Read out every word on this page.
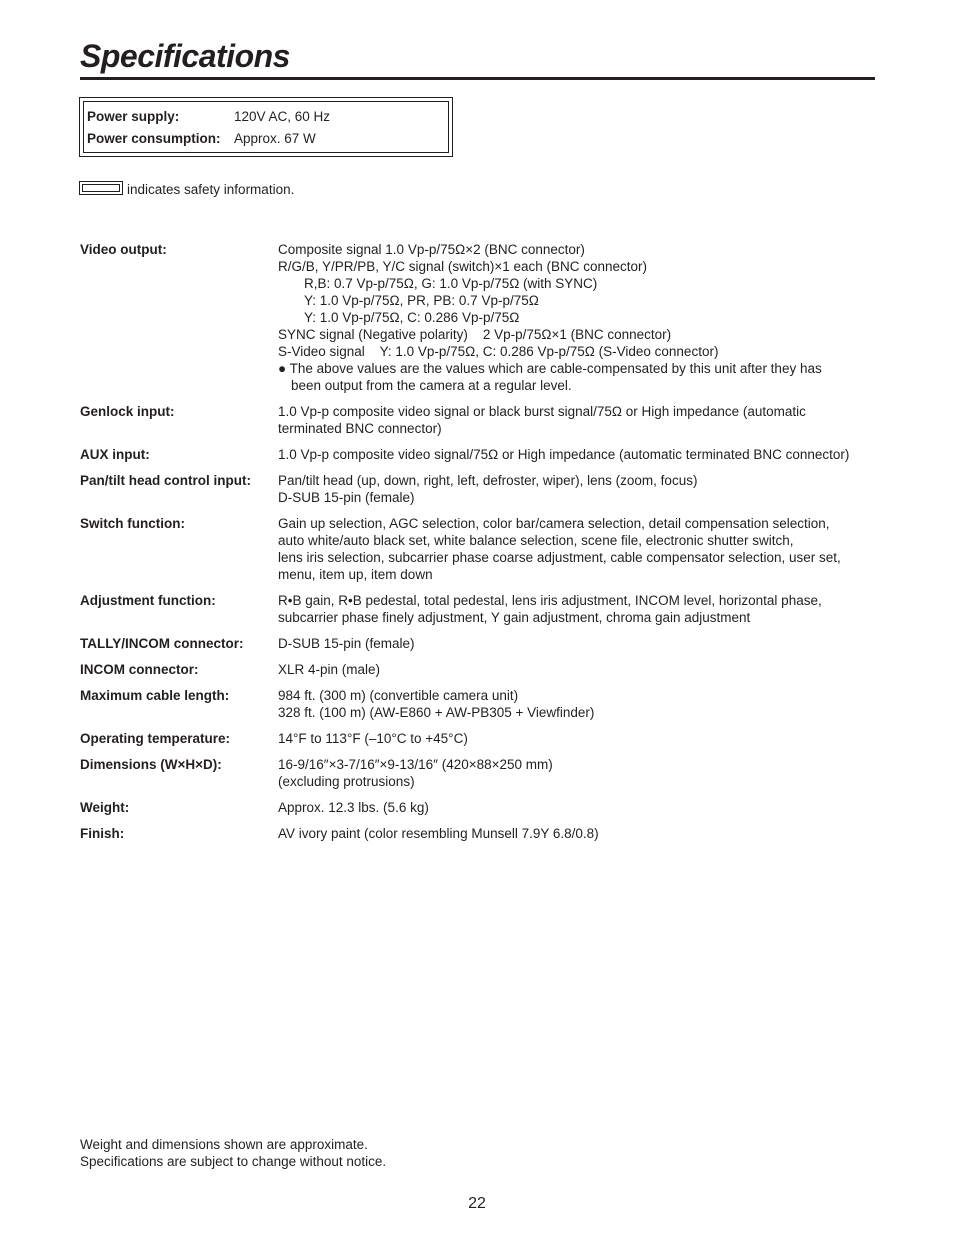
Specifications
Power supply:	120V AC, 60 Hz
Power consumption: Approx. 67 W
indicates safety information.
Video output:	Composite signal 1.0 Vp-p/75Ω×2 (BNC connector)
R/G/B, Y/PR/PB, Y/C signal (switch)×1 each (BNC connector)
R,B: 0.7 Vp-p/75Ω, G: 1.0 Vp-p/75Ω (with SYNC)
Y: 1.0 Vp-p/75Ω, PR, PB: 0.7 Vp-p/75Ω
Y: 1.0 Vp-p/75Ω, C: 0.286 Vp-p/75Ω
SYNC signal (Negative polarity)    2 Vp-p/75Ω×1 (BNC connector)
S-Video signal    Y: 1.0 Vp-p/75Ω, C: 0.286 Vp-p/75Ω (S-Video connector)
● The above values are the values which are cable-compensated by this unit after they has
been output from the camera at a regular level.
Genlock input:	1.0 Vp-p composite video signal or black burst signal/75Ω or High impedance (automatic
terminated BNC connector)
AUX input:	1.0 Vp-p composite video signal/75Ω or High impedance (automatic terminated BNC connector)
Pan/tilt head control input:	Pan/tilt head (up, down, right, left, defroster, wiper), lens (zoom, focus)
D-SUB 15-pin (female)
Switch function:	Gain up selection, AGC selection, color bar/camera selection, detail compensation selection,
auto white/auto black set, white balance selection, scene file, electronic shutter switch,
lens iris selection, subcarrier phase coarse adjustment, cable compensator selection, user set,
menu, item up, item down
Adjustment function:	R•B gain, R•B pedestal, total pedestal, lens iris adjustment, INCOM level, horizontal phase,
subcarrier phase finely adjustment, Y gain adjustment, chroma gain adjustment
TALLY/INCOM connector:	D-SUB 15-pin (female)
INCOM connector:	XLR 4-pin (male)
Maximum cable length:	984 ft. (300 m) (convertible camera unit)
328 ft. (100 m) (AW-E860 + AW-PB305 + Viewfinder)
Operating temperature:	14°F to 113°F (–10°C to +45°C)
Dimensions (W×H×D):	16-9/16″×3-7/16″×9-13/16″ (420×88×250 mm)
(excluding protrusions)
Weight:	Approx. 12.3 lbs. (5.6 kg)
Finish:	AV ivory paint (color resembling Munsell 7.9Y 6.8/0.8)
Weight and dimensions shown are approximate.
Specifications are subject to change without notice.
22
